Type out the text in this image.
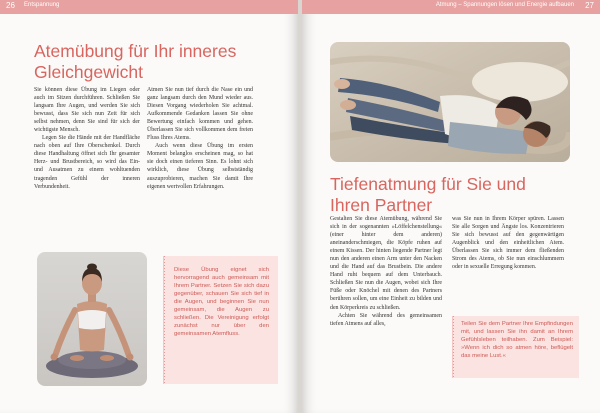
26 Entspannung
Atemübung für Ihr inneres
Gleichgewicht

Sie können diese Übung im Liegen oder auch im Sitzen durchführen. Schließen Sie langsam Ihre Augen, und werden Sie sich bewusst, dass Sie sich nun Zeit für sich selbst nehmen, denn Sie sind für sich der wichtigste Mensch.

Legen Sie die Hände mit der Handfläche nach oben auf Ihre Oberschenkel. Durch diese Handhaltung öffnet sich Ihr gesamter Herz- und Brustbereich, so wird das Ein- und Ausatmen zu einem wohltuenden tragenden Gefühl der inneren Verbundenheit.

Atmen Sie nun tief durch die Nase ein und ganz langsam durch den Mund wieder aus. Diesen Vorgang wiederholen Sie achtmal. Aufkommende Gedanken lassen Sie ohne Bewertung einfach kommen und gehen. Überlassen Sie sich vollkommen dem freien Fluss Ihres Atems.

Auch wenn diese Übung im ersten Moment belanglos erscheinen mag, so hat sie doch einen tieferen Sinn. Es lohnt sich wirklich, diese Übung selbstständig auszuprobieren, machen Sie damit Ihre eigenen wertvollen Erfahrungen.

Diese Übung eignet sich hervorragend auch gemeinsam mit Ihrem Partner. Setzen Sie sich dazu gegenüber, schauen Sie sich tief in die Augen, und beginnen Sie nun gemeinsam, die Augen zu schließen. Die Vereinigung erfolgt zunächst nur über den gemeinsamen Atemfluss.
Atmung – Spannungen lösen und Energie aufbauen 27
Tiefenatmung für Sie und
Ihren Partner

Gestalten Sie diese Atemübung, während Sie sich in der sogenannten »Löffelchenstellung« (einer hinter dem anderen) aneinanderschmiegen, die Köpfe ruhen auf einem Kissen. Der hinten liegende Partner legt nun den anderen einen Arm unter den Nacken und die Hand auf das Brustbein. Die andere Hand ruht bequem auf dem Unterbauch. Schließen Sie nun die Augen, wobei sich Ihre Füße oder Knöchel mit denen des Partners berühren sollen, um eine Einheit zu bilden und den Körperkreis zu schließen.

Achten Sie während des gemeinsamen tiefen Atmens auf alles,

was Sie nun in Ihrem Körper spüren. Lassen Sie alle Sorgen und Ängste los. Konzentrieren Sie sich bewusst auf den gegenwärtigen Augenblick und den einheitlichen Atem. Überlassen Sie sich immer dem fließenden Strom des Atems, ob Sie nun einschlummern oder in sexuelle Erregung kommen.

Teilen Sie dem Partner Ihre Empfindungen mit, und lassen Sie ihn damit an Ihrem Gefühlsleben teilhaben. Zum Beispiel: »Wenn ich dich so atmen höre, beflügelt das meine Lust.«
